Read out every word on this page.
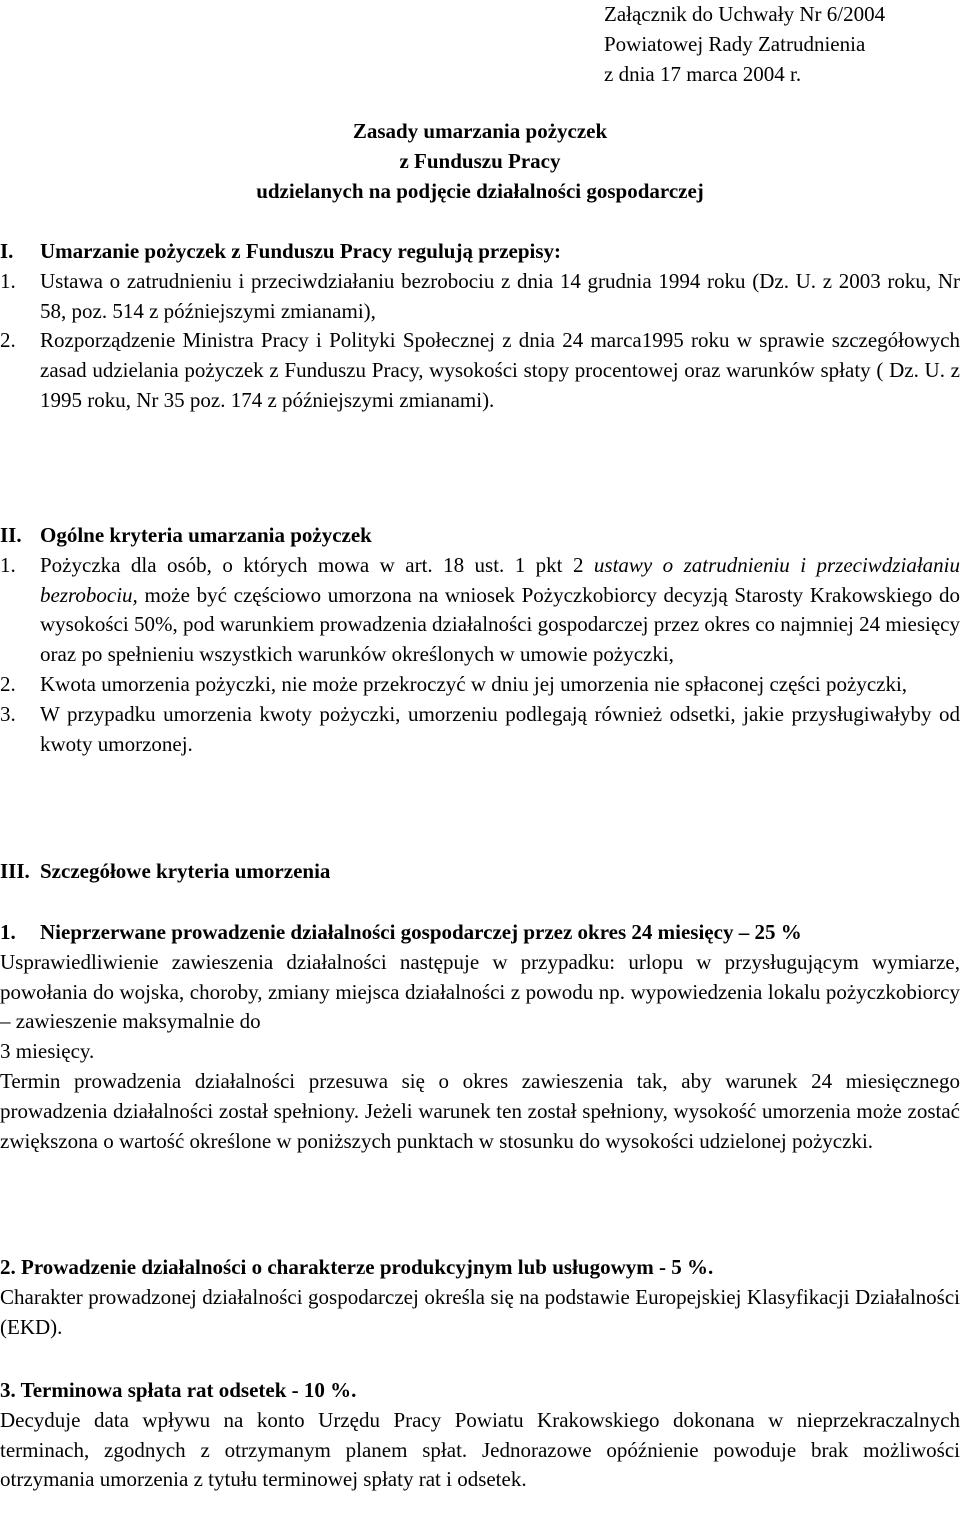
Załącznik do Uchwały Nr 6/2004
Powiatowej Rady Zatrudnienia
z dnia 17 marca 2004 r.
Zasady umarzania pożyczek
z Funduszu Pracy
udzielanych na podjęcie działalności gospodarczej
I. Umarzanie pożyczek z Funduszu Pracy regulują przepisy:
1. Ustawa o zatrudnieniu i przeciwdziałaniu bezrobociu z dnia 14 grudnia 1994 roku (Dz. U. z 2003 roku, Nr 58, poz. 514 z późniejszymi zmianami),
2. Rozporządzenie Ministra Pracy i Polityki Społecznej z dnia 24 marca1995 roku w sprawie szczegółowych zasad udzielania pożyczek z Funduszu Pracy, wysokości stopy procentowej oraz warunków spłaty ( Dz. U. z 1995 roku, Nr 35 poz. 174 z późniejszymi zmianami).
II. Ogólne kryteria umarzania pożyczek
1. Pożyczka dla osób, o których mowa w art. 18 ust. 1 pkt 2 ustawy o zatrudnieniu i przeciwdziałaniu bezrobociu, może być częściowo umorzona na wniosek Pożyczkobiorcy decyzją Starosty Krakowskiego do wysokości 50%, pod warunkiem prowadzenia działalności gospodarczej przez okres co najmniej 24 miesięcy oraz po spełnieniu wszystkich warunków określonych w umowie pożyczki,
2. Kwota umorzenia pożyczki, nie może przekroczyć w dniu jej umorzenia nie spłaconej części pożyczki,
3. W przypadku umorzenia kwoty pożyczki, umorzeniu podlegają również odsetki, jakie przysługiwałyby od kwoty umorzonej.
III. Szczegółowe kryteria umorzenia
1. Nieprzerwane prowadzenie działalności gospodarczej przez okres 24 miesięcy – 25 %
Usprawiedliwienie zawieszenia działalności następuje w przypadku: urlopu w przysługującym wymiarze, powołania do wojska, choroby, zmiany miejsca działalności z powodu np. wypowiedzenia lokalu pożyczkobiorcy – zawieszenie maksymalnie do
3 miesięcy.
Termin prowadzenia działalności przesuwa się o okres zawieszenia tak, aby warunek 24 miesięcznego prowadzenia działalności został spełniony. Jeżeli warunek ten został spełniony, wysokość umorzenia może zostać zwiększona o wartość określone w poniższych punktach w stosunku do wysokości udzielonej pożyczki.
2. Prowadzenie działalności o charakterze produkcyjnym lub usługowym - 5 %.
Charakter prowadzonej działalności gospodarczej określa się na podstawie Europejskiej Klasyfikacji Działalności (EKD).
3. Terminowa spłata rat odsetek - 10 %.
Decyduje data wpływu na konto Urzędu Pracy Powiatu Krakowskiego dokonana w nieprzekraczalnych terminach, zgodnych z otrzymanym planem spłat. Jednorazowe opóźnienie powoduje brak możliwości otrzymania umorzenia z tytułu terminowej spłaty rat i odsetek.
